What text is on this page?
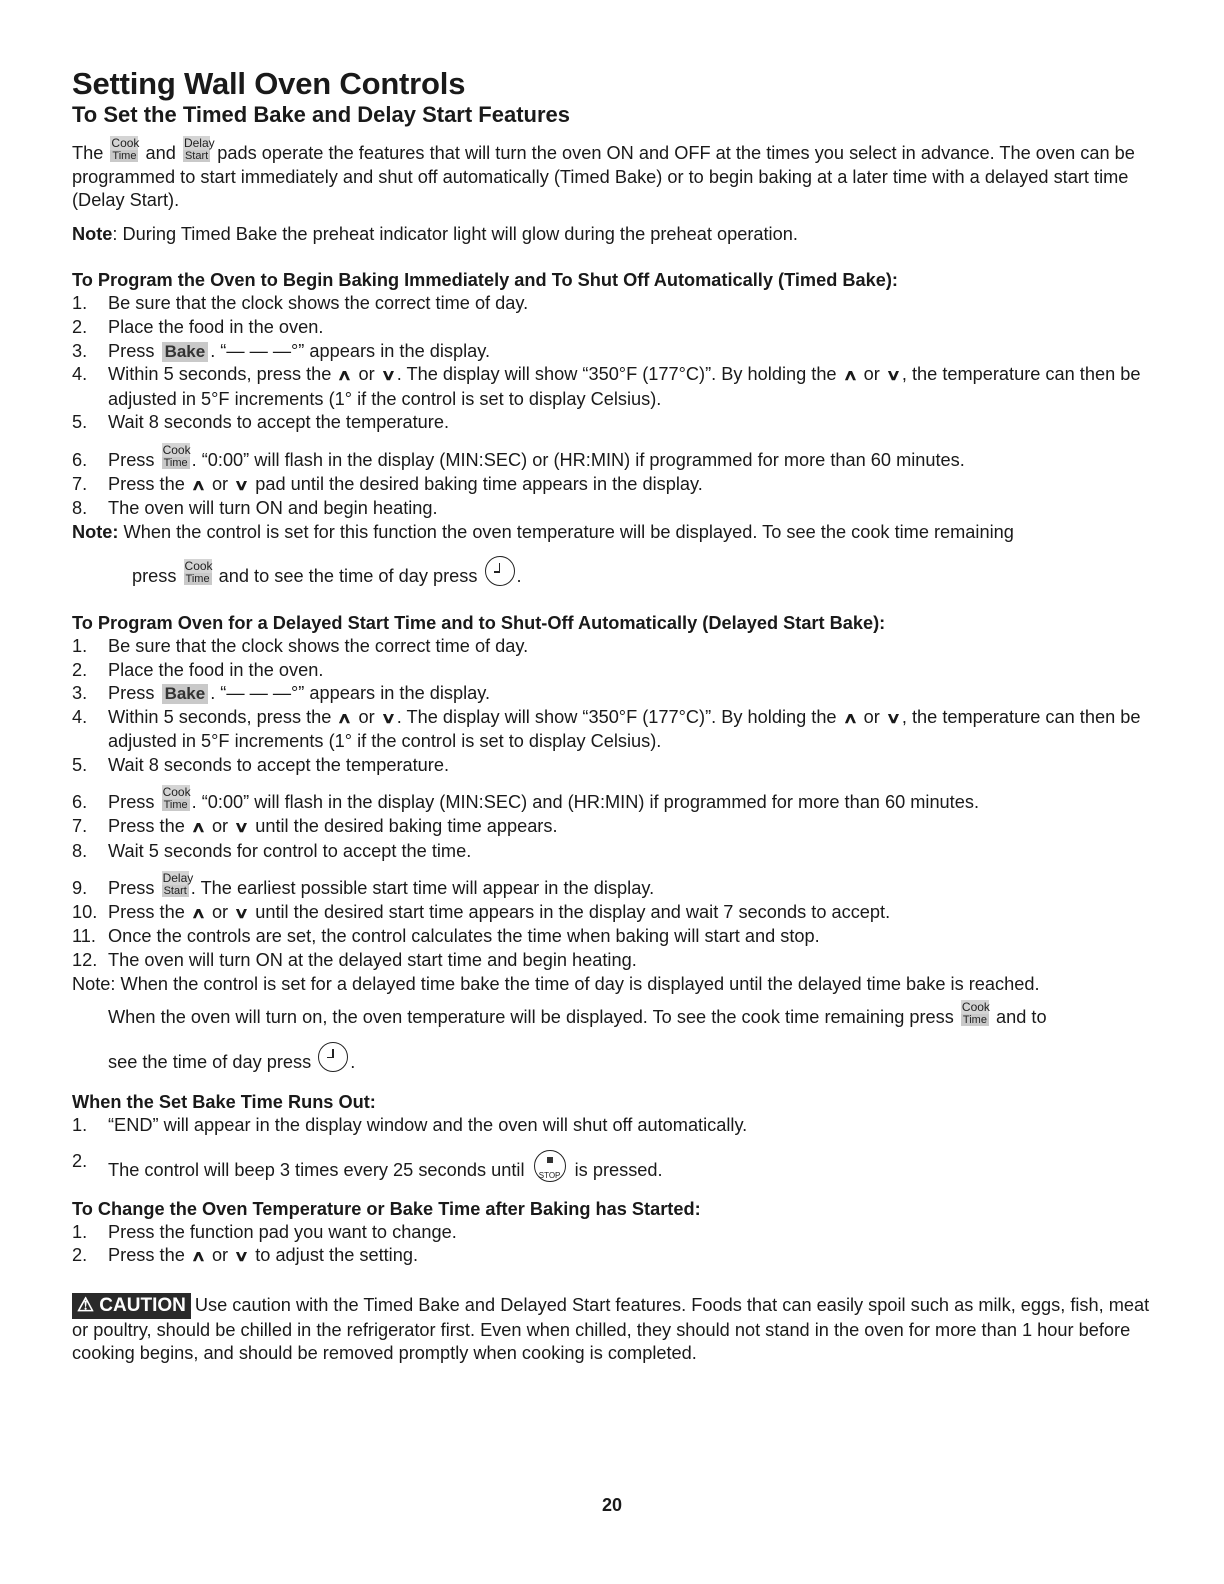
Setting Wall Oven Controls
To Set the Timed Bake and Delay Start Features

The Cook
Time and Delay
Start pads operate the features that will turn the oven ON and OFF at the times you select in advance. The oven can be programmed to start immediately and shut off automatically (Timed Bake) or to begin baking at a later time with a delayed start time (Delay Start).

Note: During Timed Bake the preheat indicator light will glow during the preheat operation.

To Program the Oven to Begin Baking Immediately and To Shut Off Automatically (Timed Bake):
1.	Be sure that the clock shows the correct time of day.
2.	Place the food in the oven.
3.	Press Bake . “— — —°” appears in the display.
4.	Within 5 seconds, press the ∧ or ∨. The display will show “350°F (177°C)”. By holding the ∧ or ∨, the temperature can then be adjusted in 5°F increments (1° if the control is set to display Celsius).
5.	Wait 8 seconds to accept the temperature.
6.	Press Cook
Time . “0:00” will flash in the display (MIN:SEC) or (HR:MIN) if programmed for more than 60 minutes.
7.	Press the ∧ or ∨ pad until the desired baking time appears in the display.
8.	The oven will turn ON and begin heating.

Note: When the control is set for this function the oven temperature will be displayed. To see the cook time remaining

press Cook
Time and to see the time of day press .

To Program Oven for a Delayed Start Time and to Shut-Off Automatically (Delayed Start Bake):
1.	Be sure that the clock shows the correct time of day.
2.	Place the food in the oven.
3.	Press Bake . “— — —°” appears in the display.
4.	Within 5 seconds, press the ∧ or ∨. The display will show “350°F (177°C)”. By holding the ∧ or ∨, the temperature can then be adjusted in 5°F increments (1° if the control is set to display Celsius).
5.	Wait 8 seconds to accept the temperature.
6.	Press Cook
Time . “0:00” will flash in the display (MIN:SEC) and (HR:MIN) if programmed for more than 60 minutes.
7.	Press the ∧ or ∨ until the desired baking time appears.
8.	Wait 5 seconds for control to accept the time.
9.	Press Delay
Start . The earliest possible start time will appear in the display.
10. Press the ∧ or ∨ until the desired start time appears in the display and wait 7 seconds to accept.
11. Once the controls are set, the control calculates the time when baking will start and stop.
12. The oven will turn ON at the delayed start time and begin heating.

Note: When the control is set for a delayed time bake the time of day is displayed until the delayed time bake is reached.

When the oven will turn on, the oven temperature will be displayed. To see the cook time remaining press Cook
Time and to

see the time of day press .

When the Set Bake Time Runs Out:
1.	“END” will appear in the display window and the oven will shut off automatically.
2.	The control will beep 3 times every 25 seconds until STOP is pressed.
To Change the Oven Temperature or Bake Time after Baking has Started:
1.	Press the function pad you want to change.
2.	Press the ∧ or ∨ to adjust the setting.

⚠ CAUTION Use caution with the Timed Bake and Delayed Start features. Foods that can easily spoil such as milk, eggs, fish, meat or poultry, should be chilled in the refrigerator first. Even when chilled, they should not stand in the oven for more than 1 hour before cooking begins, and should be removed promptly when cooking is completed.

20
